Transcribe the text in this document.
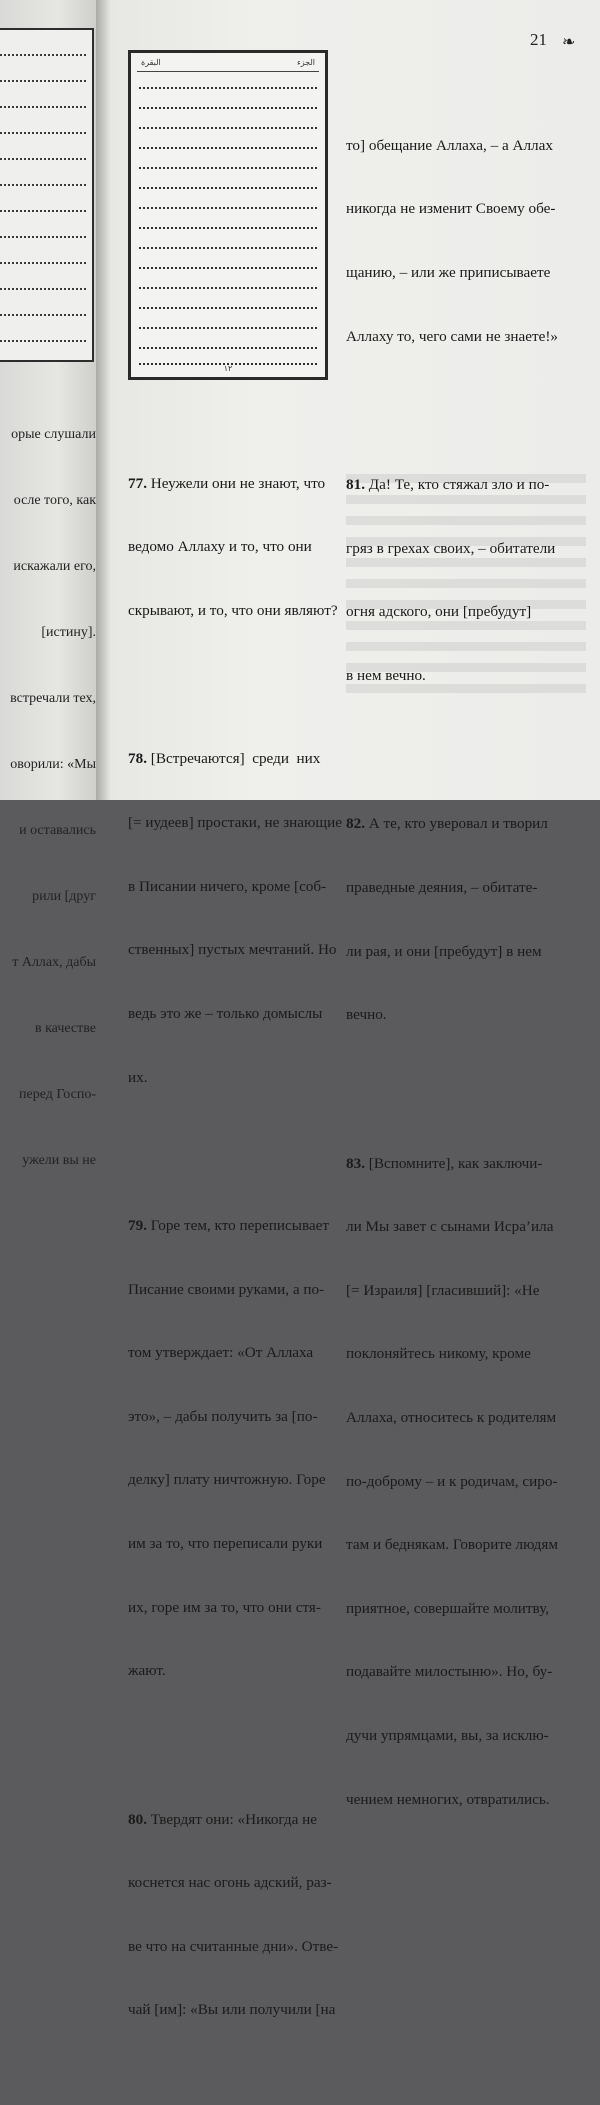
орые слушали

осле того, как

искажали его,

[истину].

встречали тех,

оворили: «Мы

и оставались

рили [друг

т Аллах, дабы

в качестве

перед Госпо-

ужели вы не

21 ❧
الجزء
البقرة
١٢

то] обещание Аллаха, – а Аллах

никогда не изменит Своему обе-

щанию, – или же приписываете

Аллаху то, чего сами не знаете!»

81. Да! Те, кто стяжал зло и по-

гряз в грехах своих, – обитатели

огня адского, они [пребудут]

в нем вечно.

82. А те, кто уверовал и творил

праведные деяния, – обитате-

ли рая, и они [пребудут] в нем

вечно.

83. [Вспомните], как заключи-

ли Мы завет с сынами Исра’ила

[= Израиля] [гласивший]: «Не

поклоняйтесь никому, кроме

Аллаха, относитесь к родителям

по-доброму – и к родичам, сиро-

там и беднякам. Говорите людям

приятное, совершайте молитву,

подавайте милостыню». Но, бу-

дучи упрямцами, вы, за исклю-

чением немногих, отвратились.

77. Неужели они не знают, что

ведомо Аллаху и то, что они

скрывают, и то, что они являют?

78. [Встречаются]  среди  них

[= иудеев] простаки, не знающие

в Писании ничего, кроме [соб-

ственных] пустых мечтаний. Но

ведь это же – только домыслы

их.

79. Горе тем, кто переписывает

Писание своими руками, а по-

том утверждает: «От Аллаха

это», – дабы получить за [по-

делку] плату ничтожную. Горе

им за то, что переписали руки

их, горе им за то, что они стя-

жают.

80. Твердят они: «Никогда не

коснется нас огонь адский, раз-

ве что на считанные дни». Отве-

чай [им]: «Вы или получили [на
